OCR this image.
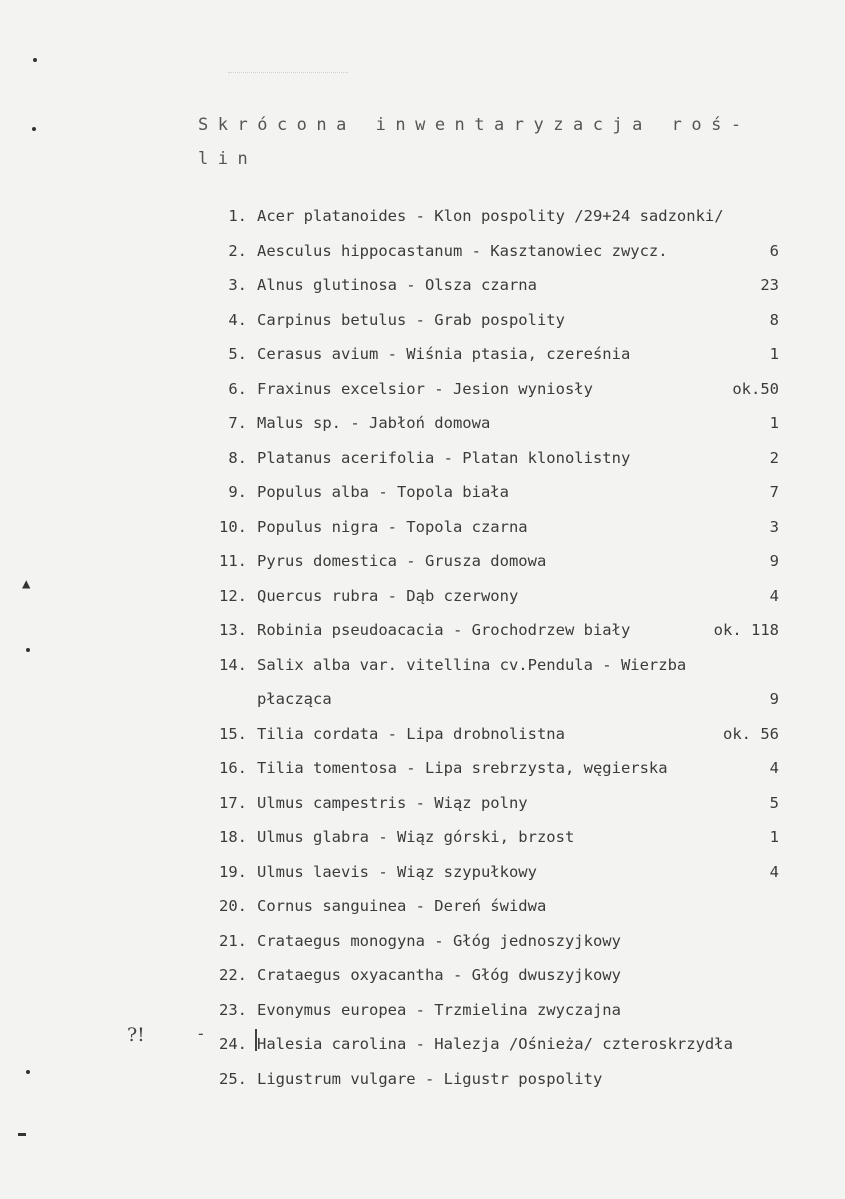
Skrócona inwentaryzacja roś-
lin
1. Acer platanoides - Klon pospolity /29+24 sadzonki/
2. Aesculus hippocastanum - Kasztanowiec zwycz.	6
3. Alnus glutinosa - Olsza czarna	23
4. Carpinus betulus - Grab pospolity	8
5. Cerasus avium - Wiśnia ptasia, czereśnia	1
6. Fraxinus excelsior - Jesion wyniosły	ok.50
7. Malus sp. - Jabłoń domowa	1
8. Platanus acerifolia - Platan klonolistny	2
9. Populus alba - Topola biała	7
10. Populus nigra - Topola czarna	3
11. Pyrus domestica - Grusza domowa	9
12. Quercus rubra - Dąb czerwony	4
13. Robinia pseudoacacia - Grochodrzew biały	ok. 118
14. Salix alba var. vitellina cv.Pendula - Wierzba
płacząca	9
15. Tilia cordata - Lipa drobnolistna	ok. 56
16. Tilia tomentosa - Lipa srebrzysta, węgierska	4
17. Ulmus campestris - Wiąz polny	5
18. Ulmus glabra - Wiąz górski, brzost	1
19. Ulmus laevis - Wiąz szypułkowy	4
20. Cornus sanguinea - Dereń świdwa
21. Crataegus monogyna - Głóg jednoszyjkowy
22. Crataegus oxyacantha - Głóg dwuszyjkowy
23. Evonymus europea - Trzmielina zwyczajna
24. Halesia carolina - Halezja /Ośnieża/ czteroskrzydła
25. Ligustrum vulgare - Ligustr pospolity
?!	-
▲
